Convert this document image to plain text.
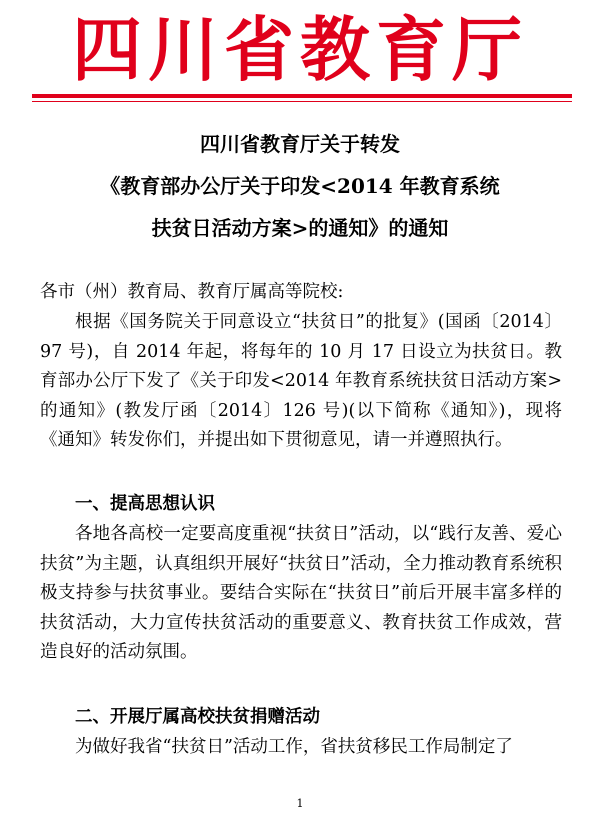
四川省教育厅
四川省教育厅关于转发
《教育部办公厅关于印发<2014 年教育系统
扶贫日活动方案>的通知》的通知

各市（州）教育局、教育厅属高等院校:

根据《国务院关于同意设立“扶贫日”的批复》(国函〔2014〕97 号)，自 2014 年起，将每年的 10 月 17 日设立为扶贫日。教育部办公厅下发了《关于印发<2014 年教育系统扶贫日活动方案>的通知》(教发厅函〔2014〕126 号)(以下简称《通知》)，现将《通知》转发你们，并提出如下贯彻意见，请一并遵照执行。

一、提高思想认识

各地各高校一定要高度重视“扶贫日”活动，以“践行友善、爱心扶贫”为主题，认真组织开展好“扶贫日”活动，全力推动教育系统积极支持参与扶贫事业。要结合实际在“扶贫日”前后开展丰富多样的扶贫活动，大力宣传扶贫活动的重要意义、教育扶贫工作成效，营造良好的活动氛围。

二、开展厅属高校扶贫捐赠活动

为做好我省“扶贫日”活动工作，省扶贫移民工作局制定了

1
